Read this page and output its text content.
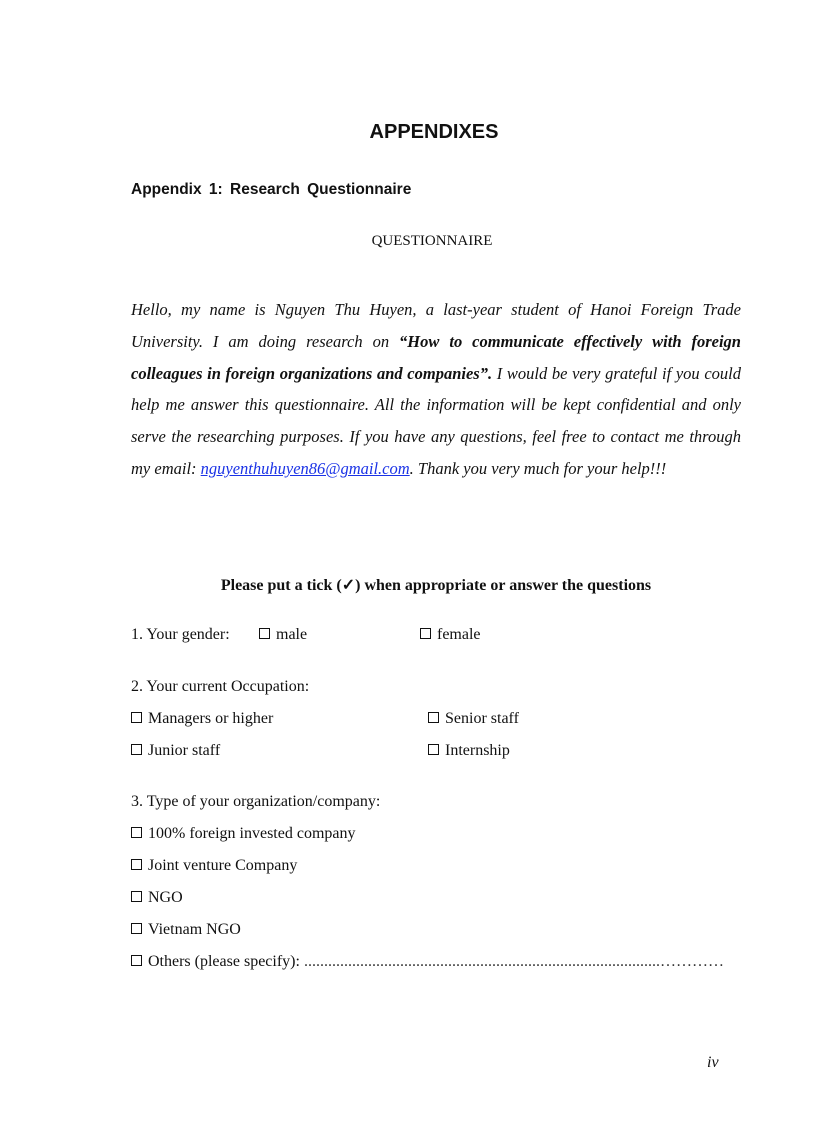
APPENDIXES
Appendix 1: Research Questionnaire
QUESTIONNAIRE

Hello, my name is Nguyen Thu Huyen, a last-year student of Hanoi Foreign Trade University. I am doing research on “How to communicate effectively with foreign colleagues in foreign organizations and companies”. I would be very grateful if you could help me answer this questionnaire. All the information will be kept confidential and only serve the researching purposes. If you have any questions, feel free to contact me through my email: nguyenthuhuyen86@gmail.com. Thank you very much for your help!!!

Please put a tick (✓) when appropriate or answer the questions
1. Your gender:	male	female
2. Your current Occupation:
Managers or higher	Senior staff
Junior staff	Internship
3. Type of your organization/company:
100% foreign invested company
Joint venture Company
NGO
Vietnam NGO
Others (please specify): .........................................................................................…………
iv
